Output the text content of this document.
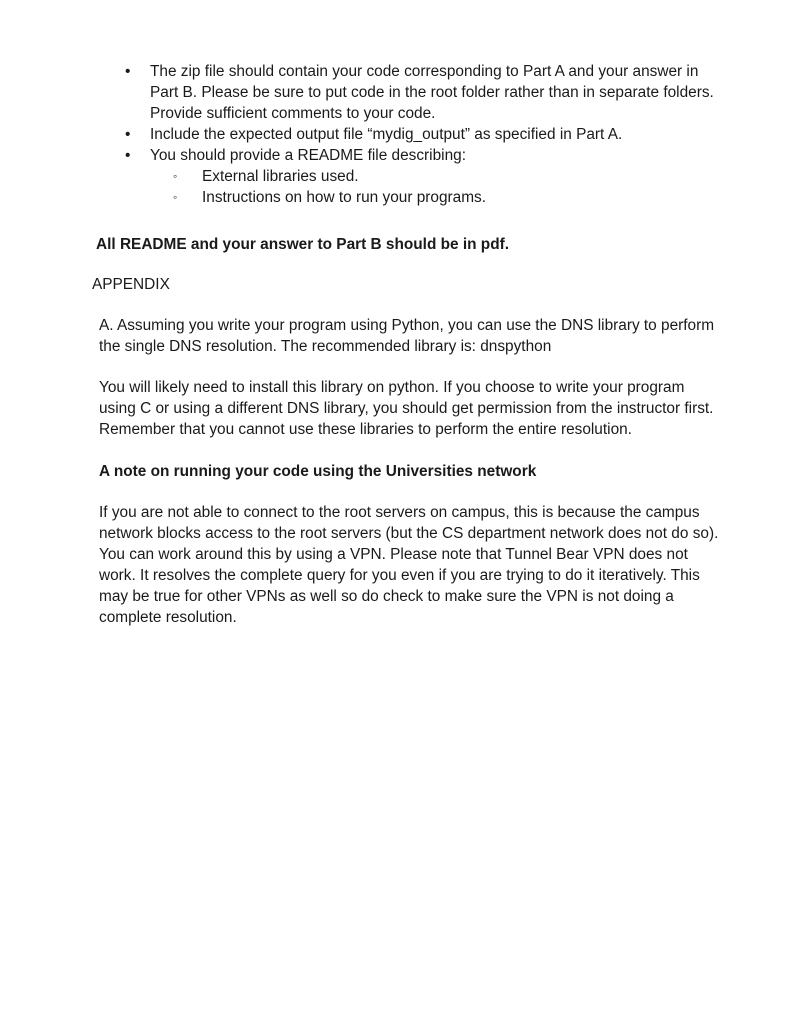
• The zip file should contain your code corresponding to Part A and your answer in Part B. Please be sure to put code in the root folder rather than in separate folders. Provide sufficient comments to your code.
• Include the expected output file “mydig_output” as specified in Part A.
• You should provide a README file describing:
◦ External libraries used.
◦ Instructions on how to run your programs.

All README and your answer to Part B should be in pdf.

APPENDIX

A. Assuming you write your program using Python, you can use the DNS library to perform the single DNS resolution. The recommended library is: dnspython

You will likely need to install this library on python. If you choose to write your program using C or using a different DNS library, you should get permission from the instructor first. Remember that you cannot use these libraries to perform the entire resolution.

A note on running your code using the Universities network

If you are not able to connect to the root servers on campus, this is because the campus network blocks access to the root servers (but the CS department network does not do so). You can work around this by using a VPN. Please note that Tunnel Bear VPN does not work. It resolves the complete query for you even if you are trying to do it iteratively. This may be true for other VPNs as well so do check to make sure the VPN is not doing a complete resolution.
